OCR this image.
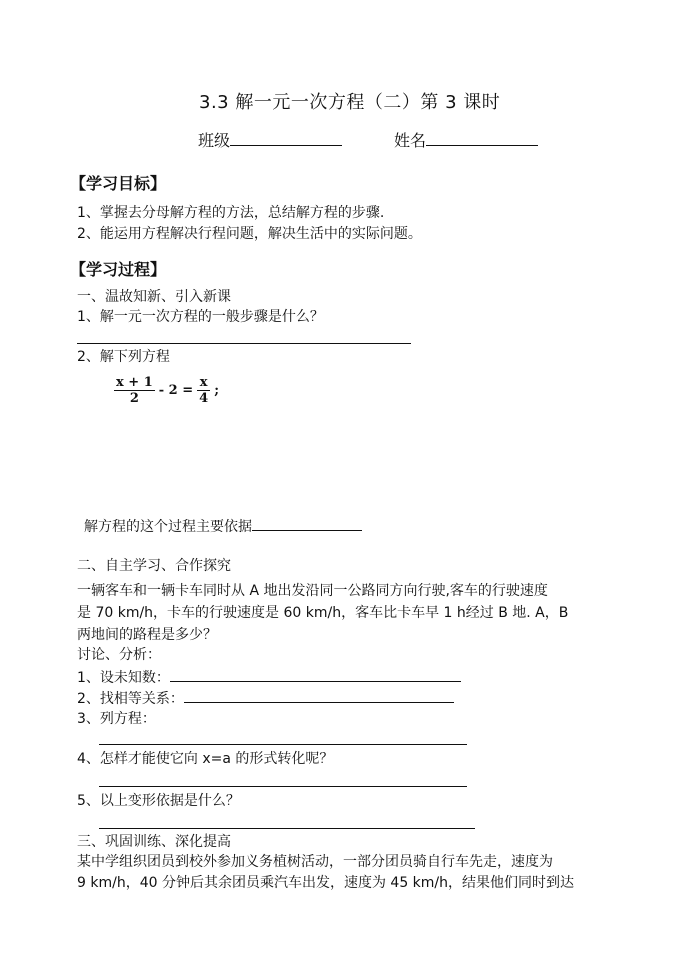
3.3 解一元一次方程（二）第 3 课时
班级	姓名
【学习目标】
1、掌握去分母解方程的方法，总结解方程的步骤.
2、能运用方程解决行程问题，解决生活中的实际问题。
【学习过程】
一、温故知新、引入新课
1、解一元一次方程的一般步骤是什么？
2、解下列方程
$\frac{x + 1}{2} - 2 = \frac{x}{4}$ ;
解方程的这个过程主要依据
二、自主学习、合作探究
一辆客车和一辆卡车同时从 A 地出发沿同一公路同方向行驶,客车的行驶速度
是 70 km/h，卡车的行驶速度是 60 km/h，客车比卡车早 1 h经过 B 地. A，B
两地间的路程是多少？
讨论、分析：
1、设未知数：
2、找相等关系：
3、列方程：
4、怎样才能使它向 x=a 的形式转化呢？
5、以上变形依据是什么？
三、巩固训练、深化提高
某中学组织团员到校外参加义务植树活动，一部分团员骑自行车先走，速度为
9 km/h，40 分钟后其余团员乘汽车出发，速度为 45 km/h，结果他们同时到达
